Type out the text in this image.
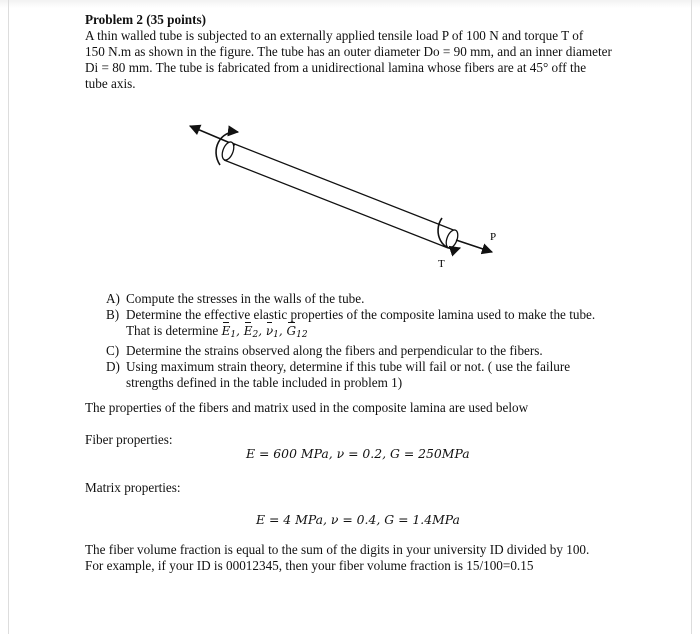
Problem 2 (35 points)
A thin walled tube is subjected to an externally applied tensile load P of 100 N and torque T of
150 N.m as shown in the figure. The tube has an outer diameter Do = 90 mm, and an inner diameter
Di = 80 mm. The tube is fabricated from a unidirectional lamina whose fibers are at 45° off the
tube axis.
P
T
A) Compute the stresses in the walls of the tube.
B) Determine the effective elastic properties of the composite lamina used to make the tube.
That is determine $E_1$, $E_2$, $\nu_1$, $G_{12}$
C) Determine the strains observed along the fibers and perpendicular to the fibers.
D) Using maximum strain theory, determine if this tube will fail or not. ( use the failure
strengths defined in the table included in problem 1)
The properties of the fibers and matrix used in the composite lamina are used below
Fiber properties:
E = 600 MPa, ν = 0.2, G = 250MPa
Matrix properties:
E = 4 MPa, ν = 0.4, G = 1.4MPa
The fiber volume fraction is equal to the sum of the digits in your university ID divided by 100.
For example, if your ID is 00012345, then your fiber volume fraction is 15/100=0.15
